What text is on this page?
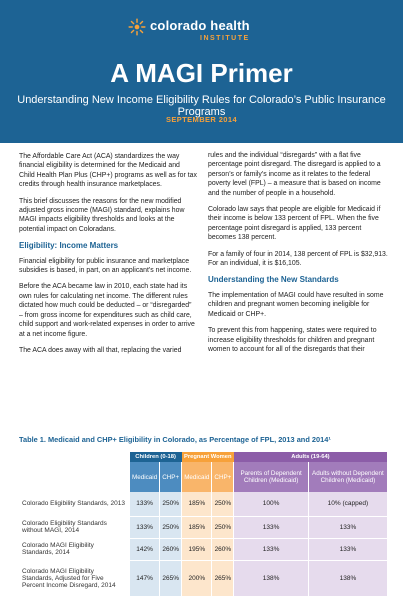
colorado health
INSTITUTE
A MAGI Primer
Understanding New Income Eligibility Rules for Colorado’s Public Insurance Programs
SEPTEMBER 2014

The Affordable Care Act (ACA) standardizes the way financial eligibility is determined for the Medicaid and Child Health Plan Plus (CHP+) programs as well as for tax credits through health insurance marketplaces.

This brief discusses the reasons for the new modified adjusted gross income (MAGI) standard, explains how MAGI impacts eligibility thresholds and looks at the potential impact on Coloradans.

Eligibility: Income Matters

Financial eligibility for public insurance and marketplace subsidies is based, in part, on an applicant’s net income.

Before the ACA became law in 2010, each state had its own rules for calculating net income. The different rules dictated how much could be deducted – or “disregarded” – from gross income for expenditures such as child care, child support and work-related expenses in order to arrive at a net income figure.

The ACA does away with all that, replacing the varied

rules and the individual “disregards” with a flat five percentage point disregard. The disregard is applied to a person’s or family’s income as it relates to the federal poverty level (FPL) – a measure that is based on income and the number of people in a household.

Colorado law says that people are eligible for Medicaid if their income is below 133 percent of FPL. When the five percentage point disregard is applied, 133 percent becomes 138 percent.

For a family of four in 2014, 138 percent of FPL is $32,913. For an individual, it is $16,105.

Understanding the New Standards

The implementation of MAGI could have resulted in some children and pregnant women becoming ineligible for Medicaid or CHP+.

To prevent this from happening, states were required to increase eligibility thresholds for children and pregnant women to account for all of the disregards that their

Table 1. Medicaid and CHP+ Eligibility in Colorado, as Percentage of FPL, 2013 and 2014¹
	Children (0-18)		Pregnant Women		Adults (19-64)	
	Medicaid	CHP+	Medicaid	CHP+	Parents of Dependent Children (Medicaid)	Adults without Dependent Children (Medicaid)
Colorado Eligibility Standards, 2013	133%	250%	185%	250%	100%	10% (capped)
Colorado Eligibility Standards without MAGI, 2014	133%	250%	185%	250%	133%	133%
Colorado MAGI Eligibility Standards, 2014	142%	260%	195%	260%	133%	133%
Colorado MAGI Eligibility Standards, Adjusted for Five Percent Income Disregard, 2014	147%	265%	200%	265%	138%	138%
